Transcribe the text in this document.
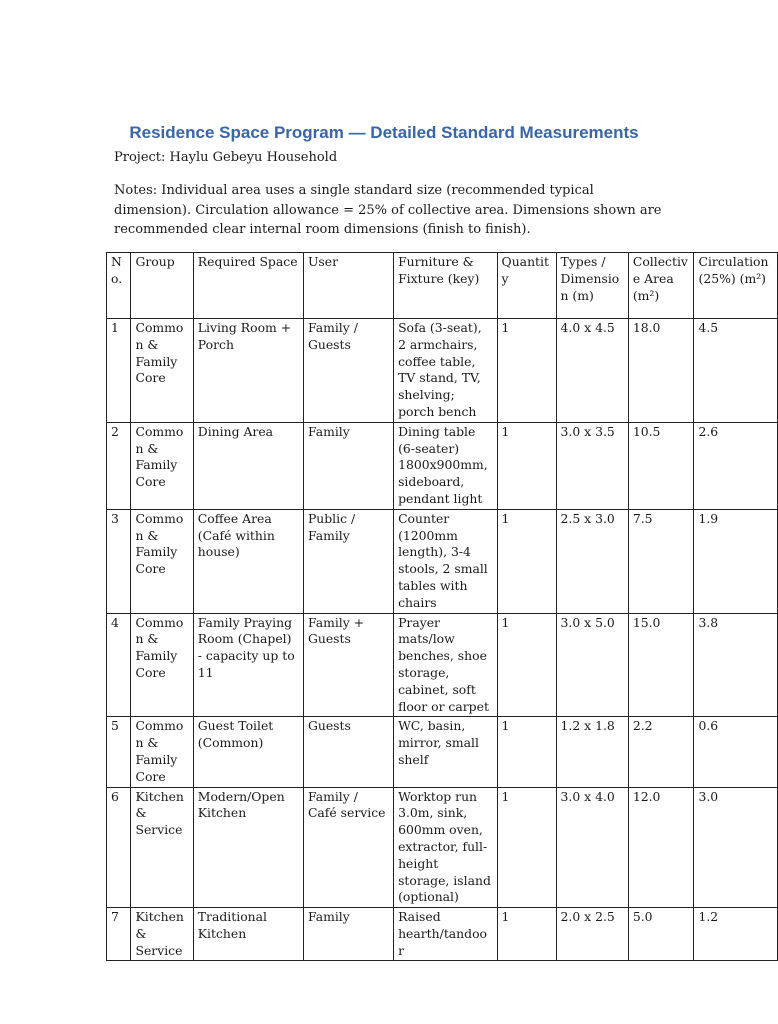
Residence Space Program — Detailed Standard Measurements
Project: Haylu Gebeyu Household
Notes: Individual area uses a single standard size (recommended typical dimension). Circulation allowance = 25% of collective area. Dimensions shown are recommended clear internal room dimensions (finish to finish).
No.	Group	Required Space	User	Furniture & Fixture (key)	Quantity	Types / Dimension (m)	Collective Area (m²)	Circulation (25%) (m²)
1	Common & Family Core	Living Room + Porch	Family / Guests	Sofa (3-seat), 2 armchairs, coffee table, TV stand, TV, shelving; porch bench	1	4.0 x 4.5	18.0	4.5
2	Common & Family Core	Dining Area	Family	Dining table (6-seater) 1800x900mm, sideboard, pendant light	1	3.0 x 3.5	10.5	2.6
3	Common & Family Core	Coffee Area (Café within house)	Public / Family	Counter (1200mm length), 3-4 stools, 2 small tables with chairs	1	2.5 x 3.0	7.5	1.9
4	Common & Family Core	Family Praying Room (Chapel) - capacity up to 11	Family + Guests	Prayer mats/low benches, shoe storage, cabinet, soft floor or carpet	1	3.0 x 5.0	15.0	3.8
5	Common & Family Core	Guest Toilet (Common)	Guests	WC, basin, mirror, small shelf	1	1.2 x 1.8	2.2	0.6
6	Kitchen & Service	Modern/Open Kitchen	Family / Café service	Worktop run 3.0m, sink, 600mm oven, extractor, full-height storage, island (optional)	1	3.0 x 4.0	12.0	3.0
7	Kitchen & Service	Traditional Kitchen	Family	Raised hearth/tandoor	1	2.0 x 2.5	5.0	1.2
